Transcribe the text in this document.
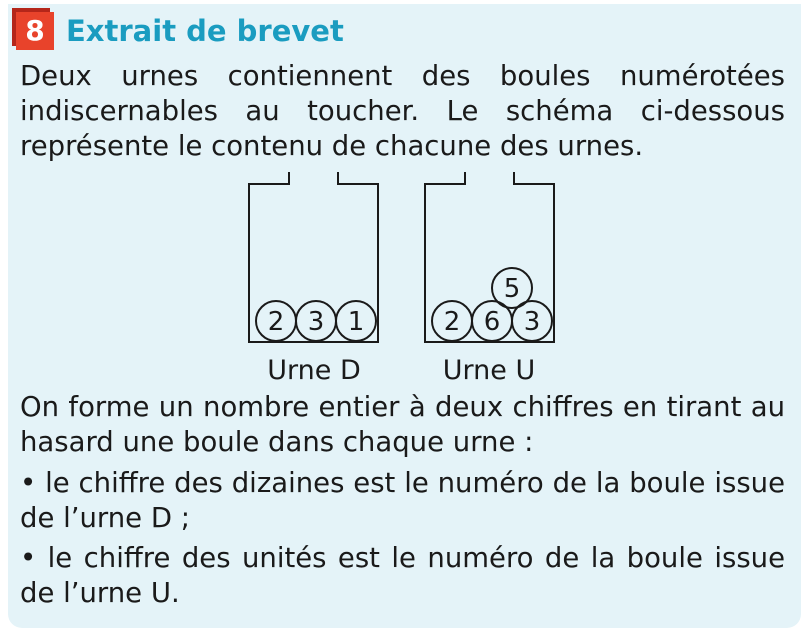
8 Extrait de brevet
Deux urnes contiennent des boules numérotées indiscernables au toucher. Le schéma ci-dessous représente le contenu de chacune des urnes.
2 3 1
Urne D
2 6 3
5
Urne U
On forme un nombre entier à deux chiffres en tirant au hasard une boule dans chaque urne :
• le chiffre des dizaines est le numéro de la boule issue de l’urne D ;
• le chiffre des unités est le numéro de la boule issue de l’urne U.
